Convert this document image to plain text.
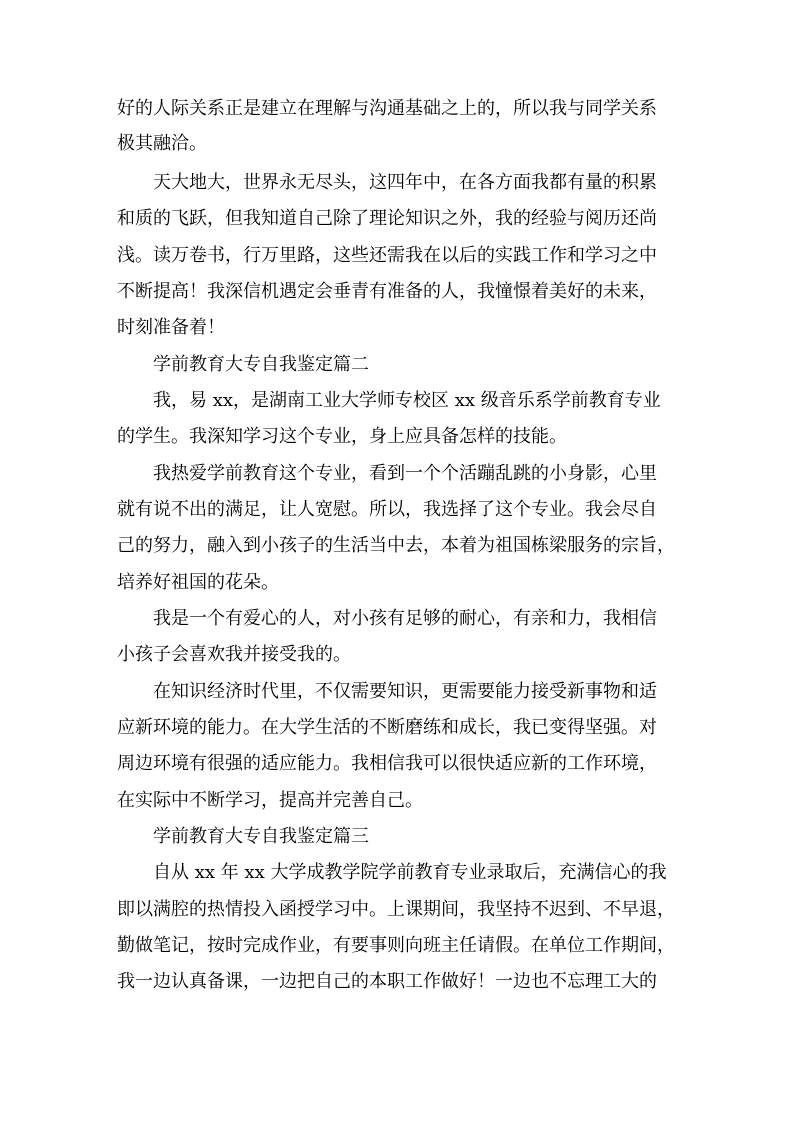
好的人际关系正是建立在理解与沟通基础之上的，所以我与同学关系
极其融洽。
天大地大，世界永无尽头，这四年中，在各方面我都有量的积累
和质的飞跃，但我知道自己除了理论知识之外，我的经验与阅历还尚
浅。读万卷书，行万里路，这些还需我在以后的实践工作和学习之中
不断提高！我深信机遇定会垂青有准备的人，我憧憬着美好的未来，
时刻准备着！
学前教育大专自我鉴定篇二
我，易 xx，是湖南工业大学师专校区 xx 级音乐系学前教育专业
的学生。我深知学习这个专业，身上应具备怎样的技能。
我热爱学前教育这个专业，看到一个个活蹦乱跳的小身影，心里
就有说不出的满足，让人宽慰。所以，我选择了这个专业。我会尽自
己的努力，融入到小孩子的生活当中去，本着为祖国栋梁服务的宗旨，
培养好祖国的花朵。
我是一个有爱心的人，对小孩有足够的耐心，有亲和力，我相信
小孩子会喜欢我并接受我的。
在知识经济时代里，不仅需要知识，更需要能力接受新事物和适
应新环境的能力。在大学生活的不断磨练和成长，我已变得坚强。对
周边环境有很强的适应能力。我相信我可以很快适应新的工作环境，
在实际中不断学习，提高并完善自己。
学前教育大专自我鉴定篇三
自从 xx 年 xx 大学成教学院学前教育专业录取后，充满信心的我
即以满腔的热情投入函授学习中。上课期间，我坚持不迟到、不早退，
勤做笔记，按时完成作业，有要事则向班主任请假。在单位工作期间，
我一边认真备课，一边把自己的本职工作做好！一边也不忘理工大的
